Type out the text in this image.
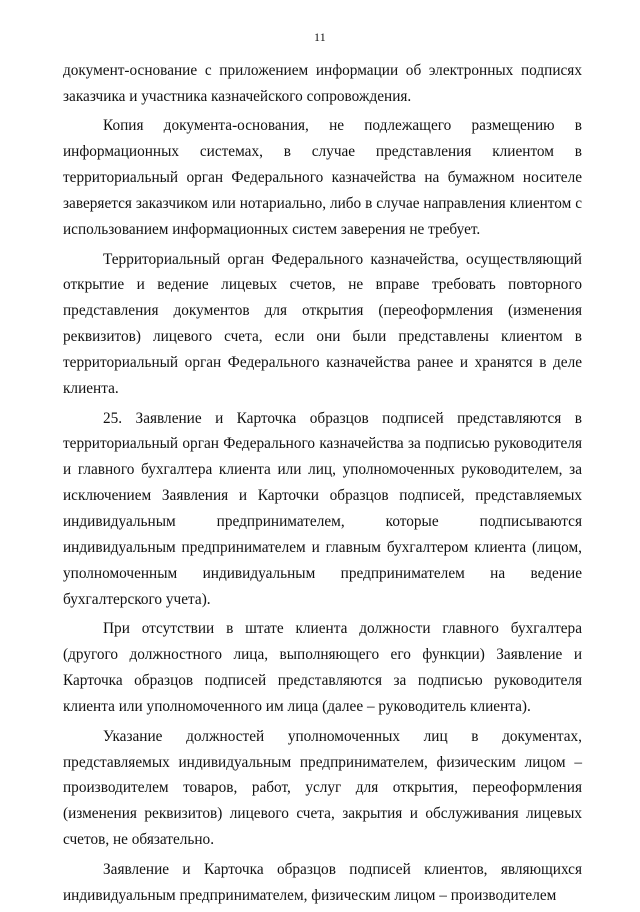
11

документ-основание с приложением информации об электронных подписях заказчика и участника казначейского сопровождения.

Копия документа-основания, не подлежащего размещению в информационных системах, в случае представления клиентом в территориальный орган Федерального казначейства на бумажном носителе заверяется заказчиком или нотариально, либо в случае направления клиентом с использованием информационных систем заверения не требует.

Территориальный орган Федерального казначейства, осуществляющий открытие и ведение лицевых счетов, не вправе требовать повторного представления документов для открытия (переоформления (изменения реквизитов) лицевого счета, если они были представлены клиентом в территориальный орган Федерального казначейства ранее и хранятся в деле клиента.

25. Заявление и Карточка образцов подписей представляются в территориальный орган Федерального казначейства за подписью руководителя и главного бухгалтера клиента или лиц, уполномоченных руководителем, за исключением Заявления и Карточки образцов подписей, представляемых индивидуальным предпринимателем, которые подписываются индивидуальным предпринимателем и главным бухгалтером клиента (лицом, уполномоченным индивидуальным предпринимателем на ведение бухгалтерского учета).

При отсутствии в штате клиента должности главного бухгалтера (другого должностного лица, выполняющего его функции) Заявление и Карточка образцов подписей представляются за подписью руководителя клиента или уполномоченного им лица (далее – руководитель клиента).

Указание должностей уполномоченных лиц в документах, представляемых индивидуальным предпринимателем, физическим лицом – производителем товаров, работ, услуг для открытия, переоформления (изменения реквизитов) лицевого счета, закрытия и обслуживания лицевых счетов, не обязательно.

Заявление и Карточка образцов подписей клиентов, являющихся индивидуальным предпринимателем, физическим лицом – производителем
